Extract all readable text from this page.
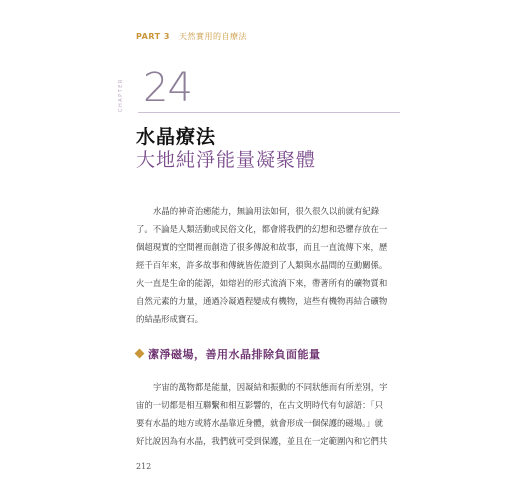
PART 3 天然實用的自療法
CHAPTER 24
水晶療法
大地純淨能量凝聚體
水晶的神奇治癒能力，無論用法如何，很久很久以前就有紀錄
了。不論是人類活動或民俗文化，都會將我們的幻想和恐懼存放在一
個超現實的空間裡而創造了很多傳說和故事，而且一直流傳下來，歷
經千百年來，許多故事和傳統皆佐證到了人類與水晶間的互動關係。
火一直是生命的能源，如熔岩的形式流淌下來，帶著所有的礦物質和
自然元素的力量，通過冷凝過程變成有機物，這些有機物再結合礦物
的結晶形成寶石。
潔淨磁場，善用水晶排除負面能量
宇宙的萬物都是能量，因凝結和振動的不同狀態而有所差別，宇
宙的一切都是相互聯繫和相互影響的，在古文明時代有句諺語：「只
要有水晶的地方或將水晶靠近身體，就會形成一個保護的磁場。」就
好比說因為有水晶，我們就可受到保護，並且在一定範圍內和它們共
212
